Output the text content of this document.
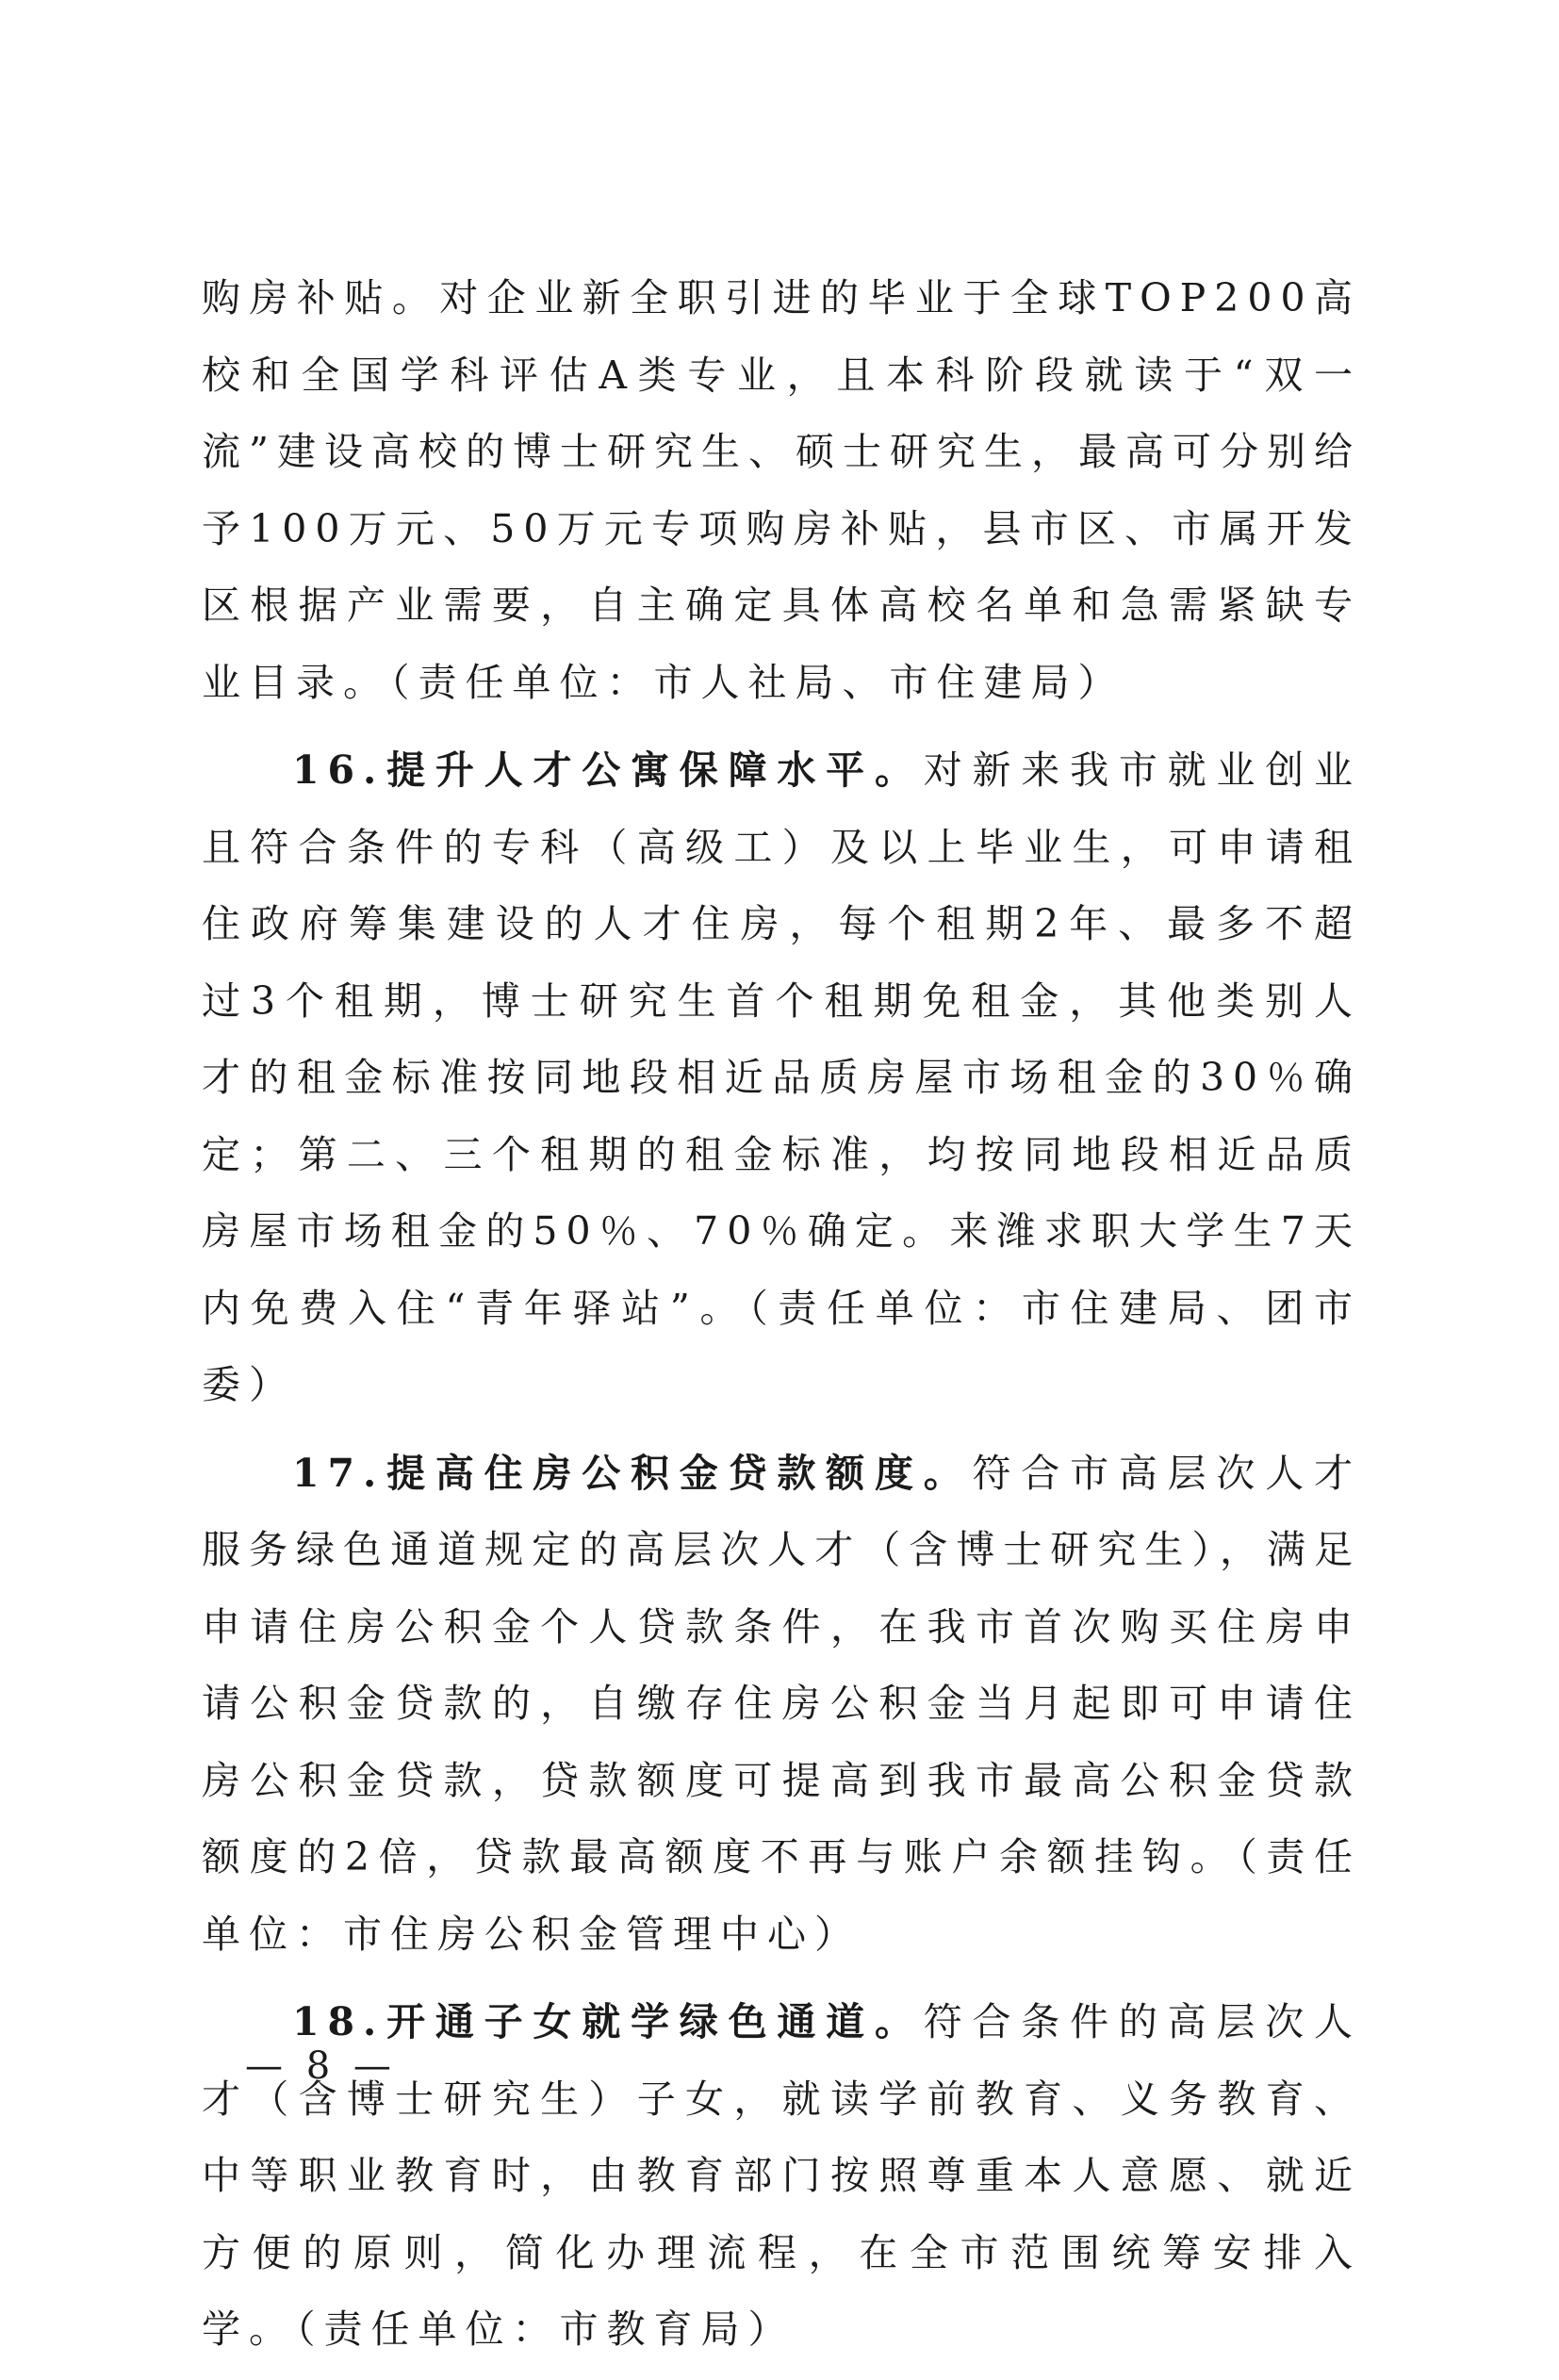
购房补贴。对企业新全职引进的毕业于全球TOP200高校和全国学科评估A类专业，且本科阶段就读于“双一流”建设高校的博士研究生、硕士研究生，最高可分别给予100万元、50万元专项购房补贴，县市区、市属开发区根据产业需要，自主确定具体高校名单和急需紧缺专业目录。（责任单位：市人社局、市住建局）

16.提升人才公寓保障水平。对新来我市就业创业且符合条件的专科（高级工）及以上毕业生，可申请租住政府筹集建设的人才住房，每个租期2年、最多不超过3个租期，博士研究生首个租期免租金，其他类别人才的租金标准按同地段相近品质房屋市场租金的30％确定；第二、三个租期的租金标准，均按同地段相近品质房屋市场租金的50％、70％确定。来潍求职大学生7天内免费入住“青年驿站”。（责任单位：市住建局、团市委）

17.提高住房公积金贷款额度。符合市高层次人才服务绿色通道规定的高层次人才（含博士研究生），满足申请住房公积金个人贷款条件，在我市首次购买住房申请公积金贷款的，自缴存住房公积金当月起即可申请住房公积金贷款，贷款额度可提高到我市最高公积金贷款额度的2倍，贷款最高额度不再与账户余额挂钩。（责任单位：市住房公积金管理中心）

18.开通子女就学绿色通道。符合条件的高层次人才（含博士研究生）子女，就读学前教育、义务教育、中等职业教育时，由教育部门按照尊重本人意愿、就近方便的原则，简化办理流程，在全市范围统筹安排入学。（责任单位：市教育局）

— 8 —
